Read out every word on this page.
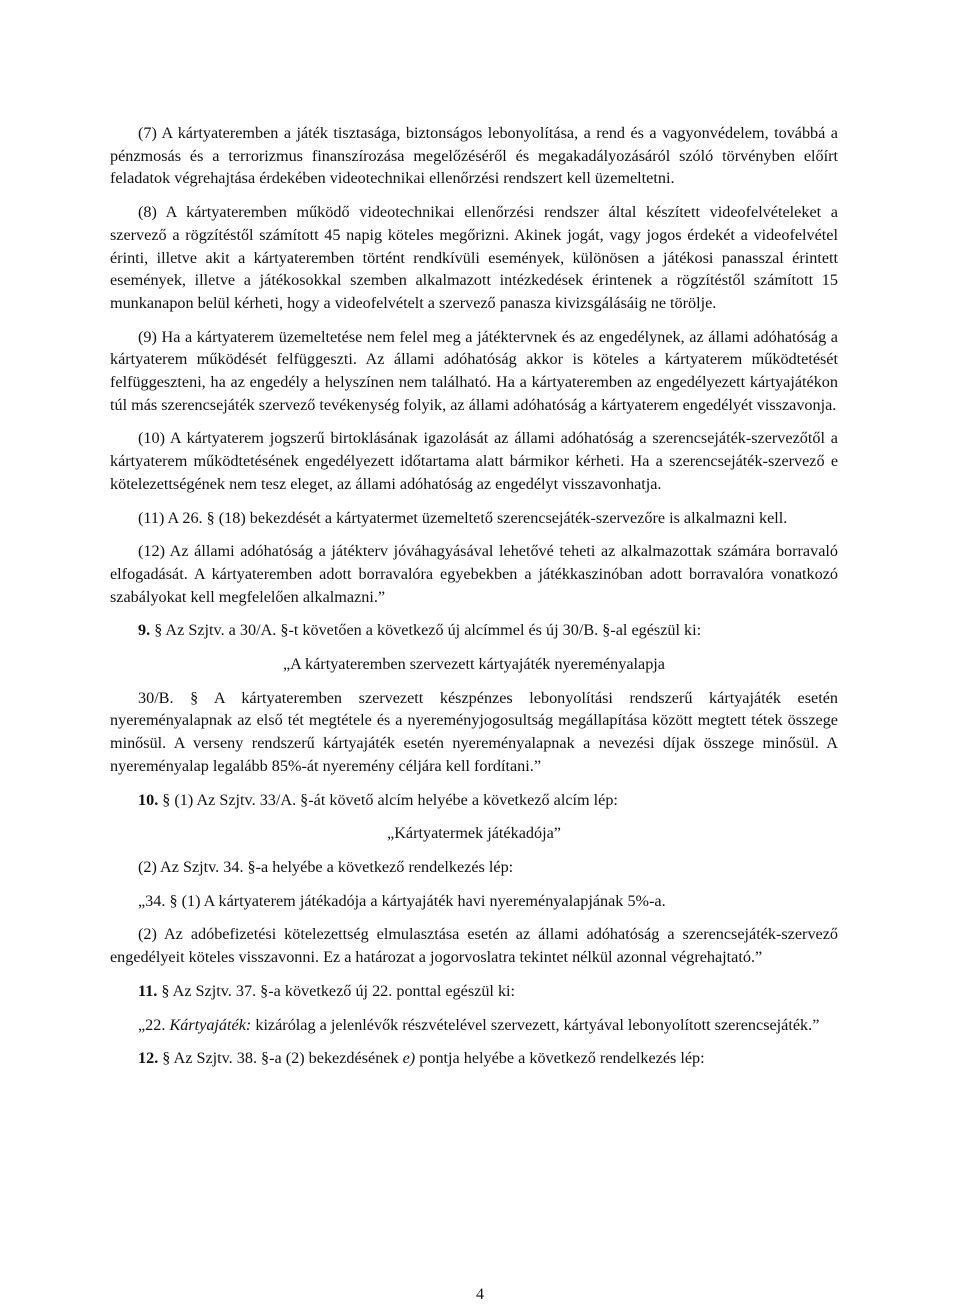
(7) A kártyateremben a játék tisztasága, biztonságos lebonyolítása, a rend és a vagyonvédelem, továbbá a pénzmosás és a terrorizmus finanszírozása megelőzéséről és megakadályozásáról szóló törvényben előírt feladatok végrehajtása érdekében videotechnikai ellenőrzési rendszert kell üzemeltetni.

(8) A kártyateremben működő videotechnikai ellenőrzési rendszer által készített videofelvételeket a szervező a rögzítéstől számított 45 napig köteles megőrizni. Akinek jogát, vagy jogos érdekét a videofelvétel érinti, illetve akit a kártyateremben történt rendkívüli események, különösen a játékosi panasszal érintett események, illetve a játékosokkal szemben alkalmazott intézkedések érintenek a rögzítéstől számított 15 munkanapon belül kérheti, hogy a videofelvételt a szervező panasza kivizsgálásáig ne törölje.

(9) Ha a kártyaterem üzemeltetése nem felel meg a játéktervnek és az engedélynek, az állami adóhatóság a kártyaterem működését felfüggeszti. Az állami adóhatóság akkor is köteles a kártyaterem működtetését felfüggeszteni, ha az engedély a helyszínen nem található. Ha a kártyateremben az engedélyezett kártyajátékon túl más szerencsejáték szervező tevékenység folyik, az állami adóhatóság a kártyaterem engedélyét visszavonja.

(10) A kártyaterem jogszerű birtoklásának igazolását az állami adóhatóság a szerencsejáték-szervezőtől a kártyaterem működtetésének engedélyezett időtartama alatt bármikor kérheti. Ha a szerencsejáték-szervező e kötelezettségének nem tesz eleget, az állami adóhatóság az engedélyt visszavonhatja.

(11) A 26. § (18) bekezdését a kártyatermet üzemeltető szerencsejáték-szervezőre is alkalmazni kell.

(12) Az állami adóhatóság a játékterv jóváhagyásával lehetővé teheti az alkalmazottak számára borravaló elfogadását. A kártyateremben adott borravalóra egyebekben a játékkaszinóban adott borravalóra vonatkozó szabályokat kell megfelelően alkalmazni.”

9. § Az Szjtv. a 30/A. §-t követően a következő új alcímmel és új 30/B. §-al egészül ki:

„A kártyateremben szervezett kártyajáték nyereményalapja

30/B. § A kártyateremben szervezett készpénzes lebonyolítási rendszerű kártyajáték esetén nyereményalapnak az első tét megtétele és a nyereményjogosultság megállapítása között megtett tétek összege minősül. A verseny rendszerű kártyajáték esetén nyereményalapnak a nevezési díjak összege minősül. A nyereményalap legalább 85%-át nyeremény céljára kell fordítani.”

10. § (1) Az Szjtv. 33/A. §-át követő alcím helyébe a következő alcím lép:

„Kártyatermek játékadója”

(2) Az Szjtv. 34. §-a helyébe a következő rendelkezés lép:

„34. § (1) A kártyaterem játékadója a kártyajáték havi nyereményalapjának 5%-a.

(2) Az adóbefizetési kötelezettség elmulasztása esetén az állami adóhatóság a szerencsejáték-szervező engedélyeit köteles visszavonni. Ez a határozat a jogorvoslatra tekintet nélkül azonnal végrehajtató.”

11. § Az Szjtv. 37. §-a következő új 22. ponttal egészül ki:

„22. Kártyajáték: kizárólag a jelenlévők részvételével szervezett, kártyával lebonyolított szerencsejáték.”

12. § Az Szjtv. 38. §-a (2) bekezdésének e) pontja helyébe a következő rendelkezés lép:

4
